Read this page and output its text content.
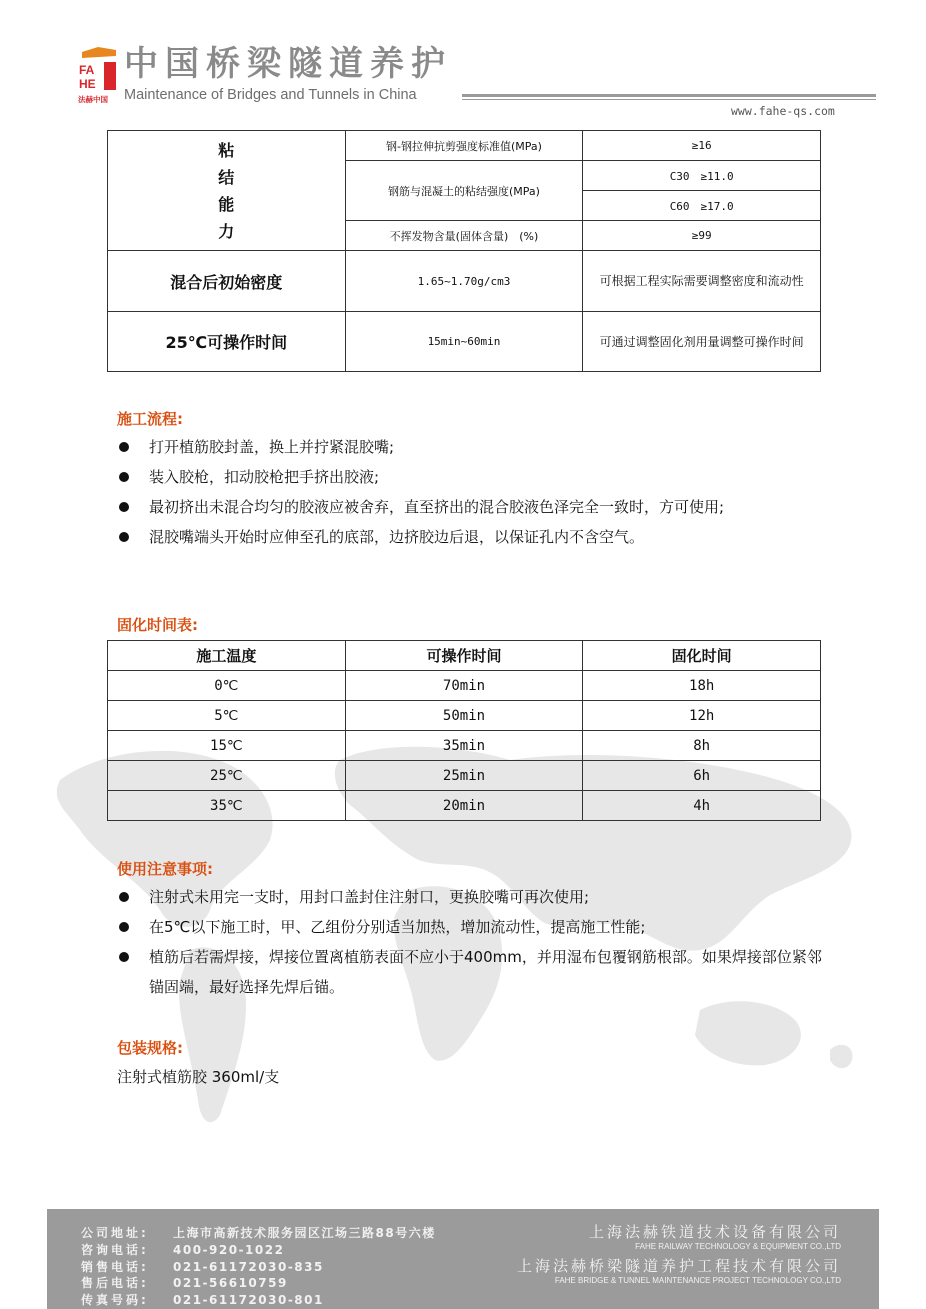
FA
HE
法赫中国
中国桥梁隧道养护
Maintenance of Bridges and Tunnels in China
www.fahe-qs.com
粘
结
能
力	钢-钢拉伸抗剪强度标准值(MPa)	≥16
	钢筋与混凝土的粘结强度(MPa)	C30　≥11.0
		C60　≥17.0
	不挥发物含量(固体含量)　(%)	≥99
混合后初始密度	1.65~1.70g/cm3	可根据工程实际需要调整密度和流动性
25℃可操作时间	15min~60min	可通过调整固化剂用量调整可操作时间
施工流程:
打开植筋胶封盖，换上并拧紧混胶嘴;
装入胶枪，扣动胶枪把手挤出胶液;
最初挤出未混合均匀的胶液应被舍弃，直至挤出的混合胶液色泽完全一致时，方可使用;
混胶嘴端头开始时应伸至孔的底部，边挤胶边后退，以保证孔内不含空气。
固化时间表:
施工温度	可操作时间	固化时间
0℃	70min	18h
5℃	50min	12h
15℃	35min	8h
25℃	25min	6h
35℃	20min	4h
使用注意事项:
注射式未用完一支时，用封口盖封住注射口，更换胶嘴可再次使用;
在5℃以下施工时，甲、乙组份分别适当加热，增加流动性，提高施工性能;
植筋后若需焊接，焊接位置离植筋表面不应小于400mm，并用湿布包覆钢筋根部。如果焊接部位紧邻锚固端，最好选择先焊后锚。
包装规格:
注射式植筋胶 360ml/支
公司地址: 上海市高新技术服务园区江场三路88号六楼
咨询电话: 400-920-1022
销售电话: 021-61172030-835
售后电话: 021-56610759
传真号码: 021-61172030-801
上海法赫铁道技术设备有限公司
FAHE RAILWAY TECHNOLOGY & EQUIPMENT CO.,LTD
上海法赫桥梁隧道养护工程技术有限公司
FAHE BRIDGE & TUNNEL MAINTENANCE PROJECT TECHNOLOGY CO.,LTD
